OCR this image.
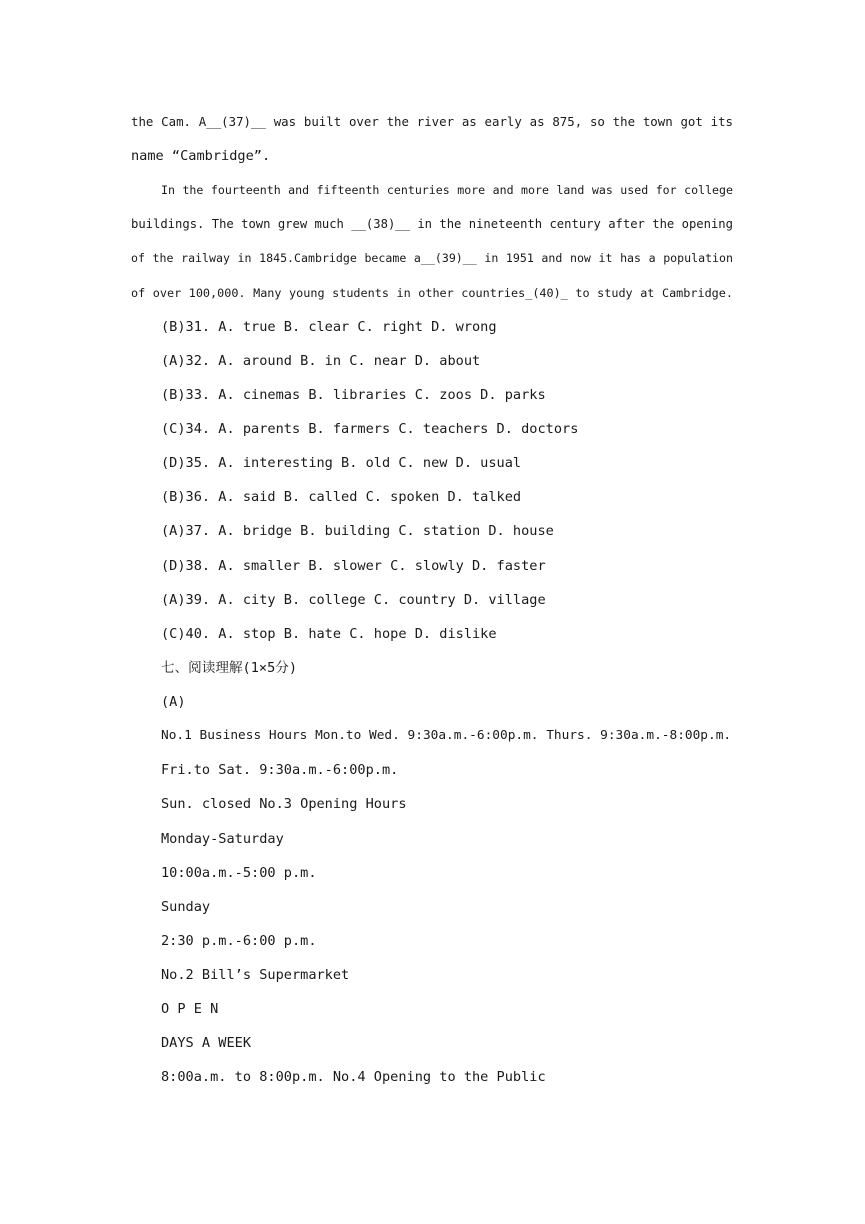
the Cam. A__(37)__ was built over the river as early as 875, so the town got its
name “Cambridge”.
In the fourteenth and fifteenth centuries more and more land was used for college
buildings. The town grew much __(38)__ in the nineteenth century after the opening
of the railway in 1845.Cambridge became a__(39)__ in 1951 and now it has a population
of over 100,000. Many young students in other countries_(40)_ to study at Cambridge.
(B)31. A. true B. clear C. right D. wrong
(A)32. A. around B. in C. near D. about
(B)33. A. cinemas B. libraries C. zoos D. parks
(C)34. A. parents B. farmers C. teachers D. doctors
(D)35. A. interesting B. old C. new D. usual
(B)36. A. said B. called C. spoken D. talked
(A)37. A. bridge B. building C. station D. house
(D)38. A. smaller B. slower C. slowly D. faster
(A)39. A. city B. college C. country D. village
(C)40. A. stop B. hate C. hope D. dislike
七、阅读理解(1×5分)
(A)
No.1 Business Hours Mon.to Wed. 9:30a.m.-6:00p.m. Thurs. 9:30a.m.-8:00p.m.
Fri.to Sat. 9:30a.m.-6:00p.m.
Sun. closed No.3 Opening Hours
Monday-Saturday
10:00a.m.-5:00 p.m.
Sunday
2:30 p.m.-6:00 p.m.
No.2 Bill’s Supermarket
O P E N
DAYS A WEEK
8:00a.m. to 8:00p.m. No.4 Opening to the Public
